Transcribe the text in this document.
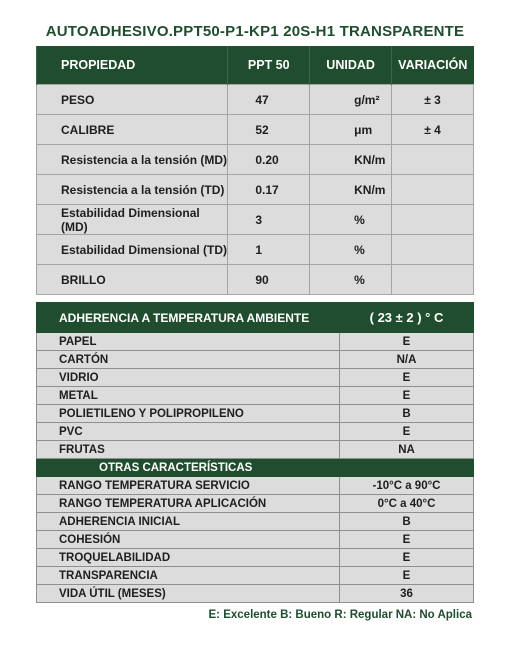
AUTOADHESIVO.PPT50-P1-KP1 20S-H1 TRANSPARENTE
PROPIEDAD	PPT 50	UNIDAD	VARIACIÓN
PESO	47	g/m²	± 3
CALIBRE	52	μm	± 4
Resistencia a la tensión (MD)	0.20	KN/m	
Resistencia a la tensión (TD)	0.17	KN/m	
Estabilidad Dimensional (MD)	3	%	
Estabilidad Dimensional (TD)	1	%	
BRILLO	90	%	
ADHERENCIA A TEMPERATURA AMBIENTE	( 23 ± 2 ) ° C
PAPEL	E
CARTÓN	N/A
VIDRIO	E
METAL	E
POLIETILENO Y POLIPROPILENO	B
PVC	E
FRUTAS	NA
OTRAS CARACTERÍSTICAS	
RANGO TEMPERATURA SERVICIO	-10°C a 90°C
RANGO TEMPERATURA APLICACIÓN	0°C a 40°C
ADHERENCIA INICIAL	B
COHESIÓN	E
TROQUELABILIDAD	E
TRANSPARENCIA	E
VIDA ÚTIL (MESES)	36
E: Excelente B: Bueno R: Regular NA: No Aplica
